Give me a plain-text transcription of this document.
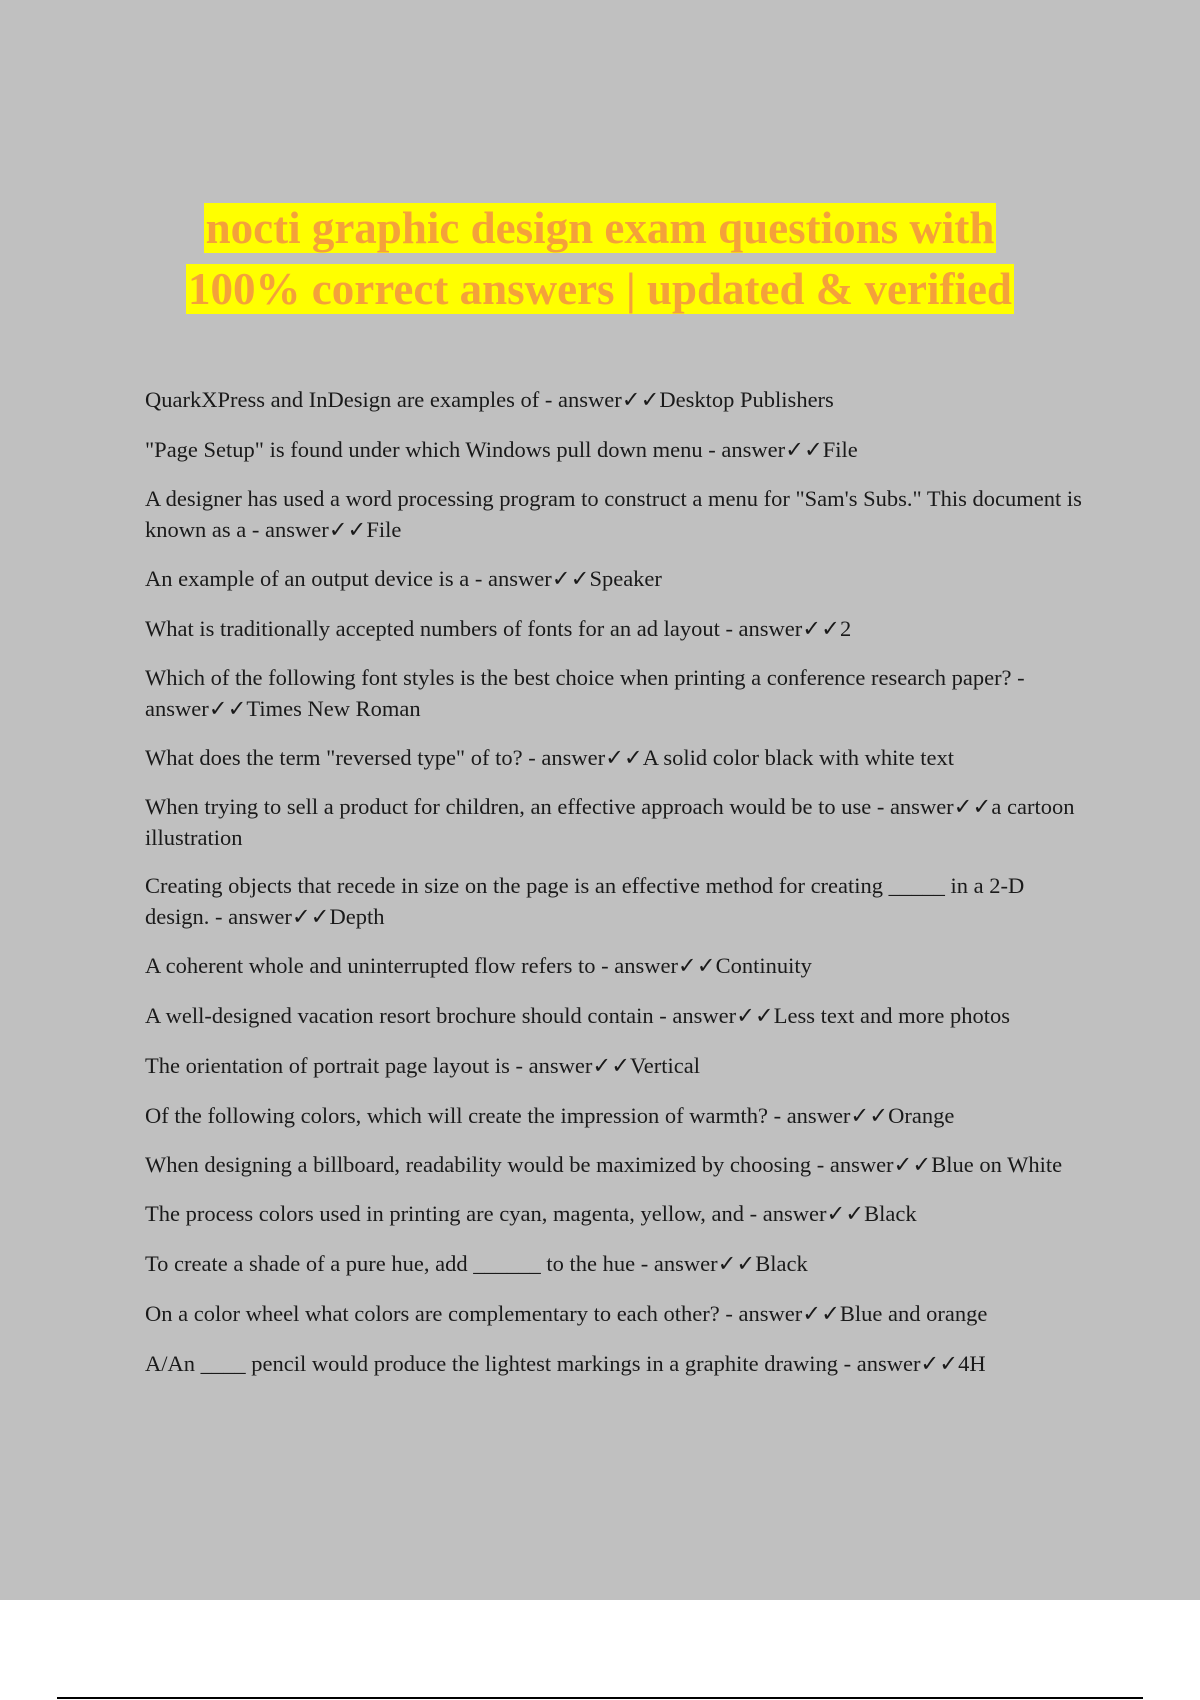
nocti graphic design exam questions with
100% correct answers | updated & verified
QuarkXPress and InDesign are examples of - answer✓✓Desktop Publishers
"Page Setup" is found under which Windows pull down menu - answer✓✓File
A designer has used a word processing program to construct a menu for "Sam's Subs." This document is known as a - answer✓✓File
An example of an output device is a - answer✓✓Speaker
What is traditionally accepted numbers of fonts for an ad layout - answer✓✓2
Which of the following font styles is the best choice when printing a conference research paper? - answer✓✓Times New Roman
What does the term "reversed type" of to? - answer✓✓A solid color black with white text
When trying to sell a product for children, an effective approach would be to use - answer✓✓a cartoon illustration
Creating objects that recede in size on the page is an effective method for creating _____ in a 2-D design. - answer✓✓Depth
A coherent whole and uninterrupted flow refers to - answer✓✓Continuity
A well-designed vacation resort brochure should contain - answer✓✓Less text and more photos
The orientation of portrait page layout is - answer✓✓Vertical
Of the following colors, which will create the impression of warmth? - answer✓✓Orange
When designing a billboard, readability would be maximized by choosing - answer✓✓Blue on White
The process colors used in printing are cyan, magenta, yellow, and - answer✓✓Black
To create a shade of a pure hue, add ______ to the hue - answer✓✓Black
On a color wheel what colors are complementary to each other? - answer✓✓Blue and orange
A/An ____ pencil would produce the lightest markings in a graphite drawing - answer✓✓4H
